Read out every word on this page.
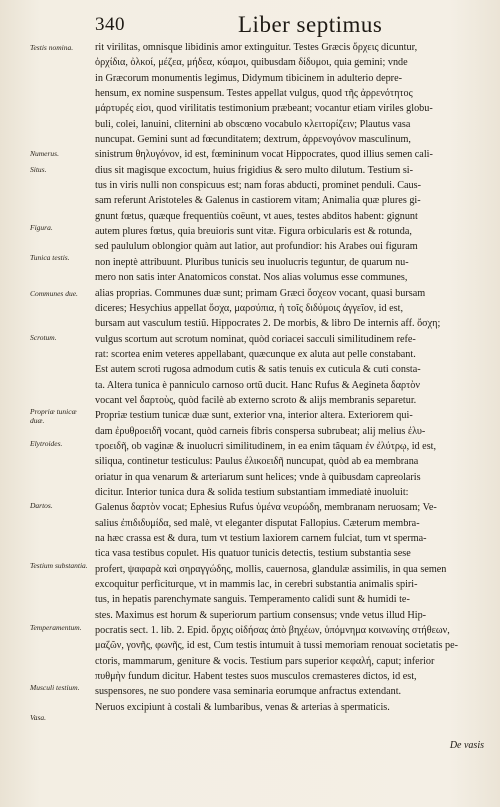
340	Liber septimus
Testis nomina.
Numerus.
Situs.
Figura.
Tunica testis.
Communes due.
Scrotum.
Propriæ tunicæ duæ.
Elytroides.
Dartos.
Testium substantia.
Temperamentum.
Musculi testium.
Vasa.
rit virilitas, omnisque libidinis amor extinguitur. Testes Græcis ὄρχεις dicuntur,
ὀρχίδια, ὀλκοί, μέζεα, μήδεα, κύαμοι, quibusdam δίδυμοι, quia gemini; vnde
in Græcorum monumentis legimus, Didymum tibicinem in adulterio depre-
hensum, ex nomine suspensum. Testes appellat vulgus, quod τῆς ἀρρενότητος
μάρτυρές εἰσι, quod virilitatis testimonium præbeant; vocantur etiam viriles globu-
buli, colei, lanuini, cliternini ab obscœno vocabulo κλειτορίζειν; Plautus vasa
nuncupat. Gemini sunt ad fœcunditatem; dextrum, ἀρρενογόνον masculinum,
sinistrum θηλυγόνον, id est, fœmininum vocat Hippocrates, quod illius semen cali-
dius sit magisque excoctum, huius frigidius & sero multo dilutum. Testium si-
tus in viris nulli non conspicuus est; nam foras abducti, prominet penduli. Caus-
sam referunt Aristoteles & Galenus in castiorem vitam; Animalia quæ plures gi-
gnunt fœtus, quæque frequentiùs coëunt, vt aues, testes abditos habent: gignunt
autem plures fœtus, quia breuioris sunt vitæ. Figura orbicularis est & rotunda,
sed paululum oblongior quàm aut latior, aut profundior: his Arabes oui figuram
non ineptè attribuunt. Pluribus tunicis seu inuolucris teguntur, de quarum nu-
mero non satis inter Anatomicos constat. Nos alias volumus esse communes,
alias proprias. Communes duæ sunt; primam Græci ὄσχεον vocant, quasi bursam
diceres; Hesychius appellat ὄσχα, μαρσύπια, ἡ τοῖς διδύμοις ἀγγεῖον, id est,
bursam aut vasculum testiũ. Hippocrates 2. De morbis, & libro De internis aff. ὄσχη;
vulgus scortum aut scrotum nominat, quòd coriacei sacculi similitudinem refe-
rat: scortea enim veteres appellabant, quæcunque ex aluta aut pelle constabant.
Est autem scroti rugosa admodum cutis & satis tenuis ex cuticula & cuti consta-
ta. Altera tunica è panniculo carnoso ortũ ducit. Hanc Rufus & Aegineta δαρτὸν
vocant vel δαρτοὺς, quòd facilè ab externo scroto & alijs membranis separetur.
Propriæ testium tunicæ duæ sunt, exterior vna, interior altera. Exteriorem qui-
dam ἐρυθροειδῆ vocant, quòd carneis fibris conspersa subrubeat; alij melius ἐλυ-
τροειδῆ, ob vaginæ & inuolucri similitudinem, in ea enim tãquam ἐν ἐλύτρῳ, id est,
siliqua, continetur testiculus: Paulus ἐλικοειδῆ nuncupat, quòd ab ea membrana
oriatur in qua venarum & arteriarum sunt helices; vnde à quibusdam capreolaris
dicitur. Interior tunica dura & solida testium substantiam immediatè inuoluit:
Galenus δαρτὸν vocat; Ephesius Rufus ὑμένα νευρώδη, membranam neruosam; Ve-
salius ἐπιδιδυμίδα, sed malè, vt eleganter disputat Fallopius. Cæterum membra-
na hæc crassa est & dura, tum vt testium laxiorem carnem fulciat, tum vt sperma-
tica vasa testibus copulet. His quatuor tunicis detectis, testium substantia sese
profert, ψαφαρὰ καὶ σηραγγώδης, mollis, cauernosa, glandulæ assimilis, in qua semen
excoquitur perficiturque, vt in mammis lac, in cerebri substantia animalis spiri-
tus, in hepatis parenchymate sanguis. Temperamento calidi sunt & humidi te-
stes. Maximus est horum & superiorum partium consensus; vnde vetus illud Hip-
pocratis sect. 1. lib. 2. Epid. ὄρχις οἰδήσας ἀπὸ βηχέων, ὑπόμνημα κοινωνίης στήθεων,
μαζῶν, γονῆς, φωνῆς, id est, Cum testis intumuit à tussi memoriam renouat societatis pe-
ctoris, mammarum, geniture & vocis. Testium pars superior κεφαλή, caput; inferior
πυθμὴν fundum dicitur. Habent testes suos musculos cremasteres dictos, id est,
suspensores, ne suo pondere vasa seminaria eorumque anfractus extendant.
Neruos excipiunt à costali & lumbaribus, venas & arterias à spermaticis.
De vasis
